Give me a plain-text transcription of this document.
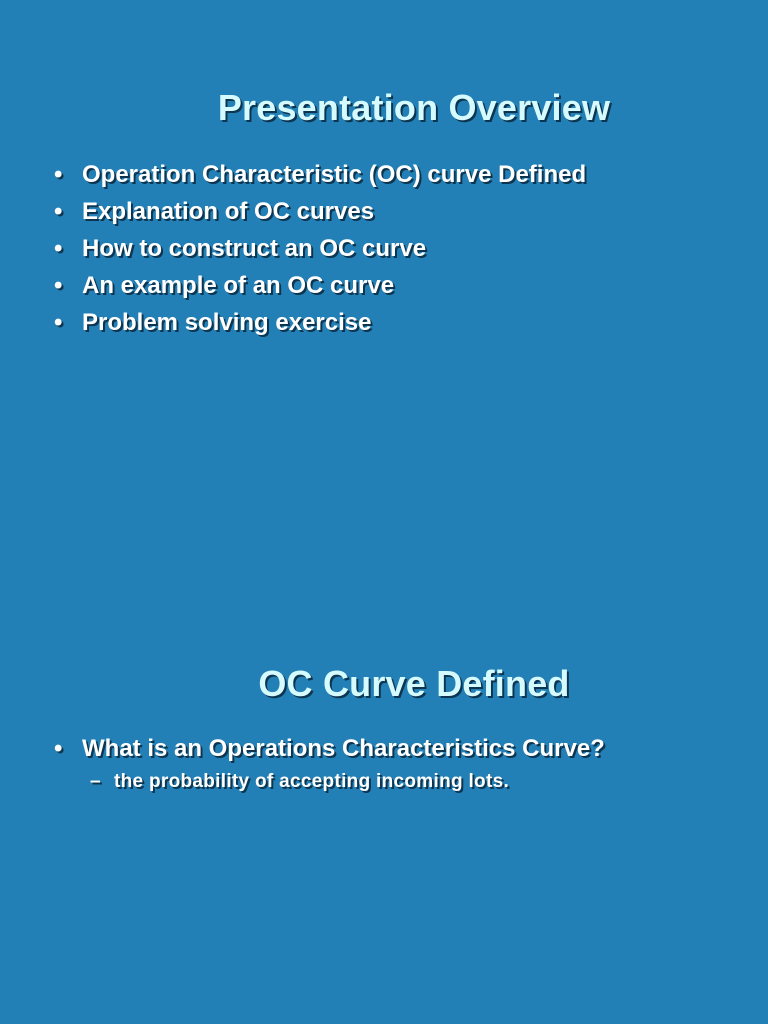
Presentation Overview
• Operation Characteristic (OC) curve Defined
• Explanation of OC curves
• How to construct an OC curve
• An example of an OC curve
• Problem solving exercise
OC Curve Defined
• What is an Operations Characteristics Curve?
– the probability of accepting incoming lots.
